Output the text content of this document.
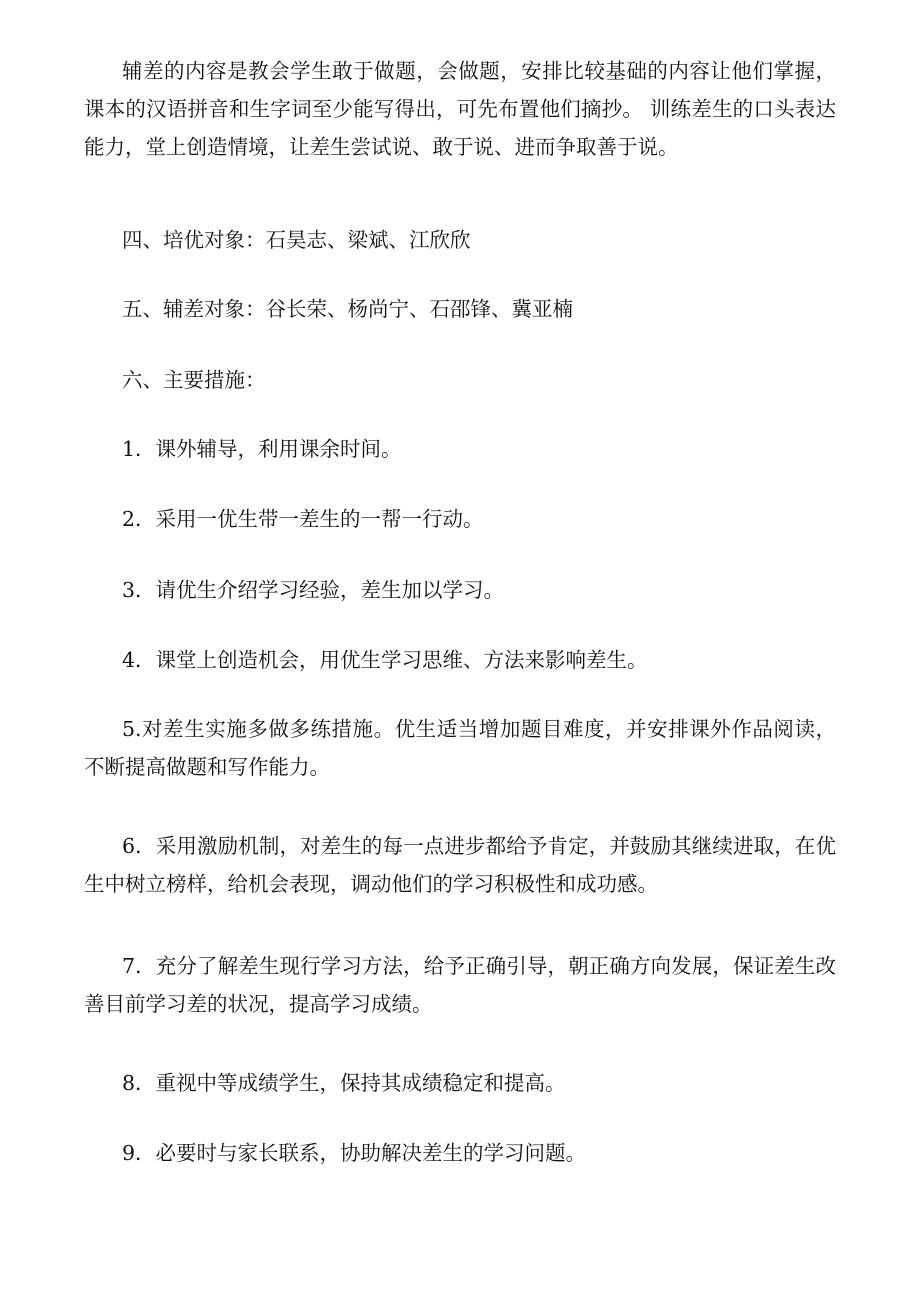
辅差的内容是教会学生敢于做题，会做题，安排比较基础的内容让他们掌握，课本的汉语拼音和生字词至少能写得出，可先布置他们摘抄。 训练差生的口头表达能力，堂上创造情境，让差生尝试说、敢于说、进而争取善于说。

四、培优对象：石昊志、梁斌、江欣欣

五、辅差对象：谷长荣、杨尚宁、石邵锋、冀亚楠

六、主要措施：

1．课外辅导，利用课余时间。

2．采用一优生带一差生的一帮一行动。

3．请优生介绍学习经验，差生加以学习。

4．课堂上创造机会，用优生学习思维、方法来影响差生。

5.对差生实施多做多练措施。优生适当增加题目难度，并安排课外作品阅读，不断提高做题和写作能力。

6．采用激励机制，对差生的每一点进步都给予肯定，并鼓励其继续进取，在优生中树立榜样，给机会表现，调动他们的学习积极性和成功感。

7．充分了解差生现行学习方法，给予正确引导，朝正确方向发展，保证差生改善目前学习差的状况，提高学习成绩。

8．重视中等成绩学生，保持其成绩稳定和提高。

9．必要时与家长联系，协助解决差生的学习问题。
